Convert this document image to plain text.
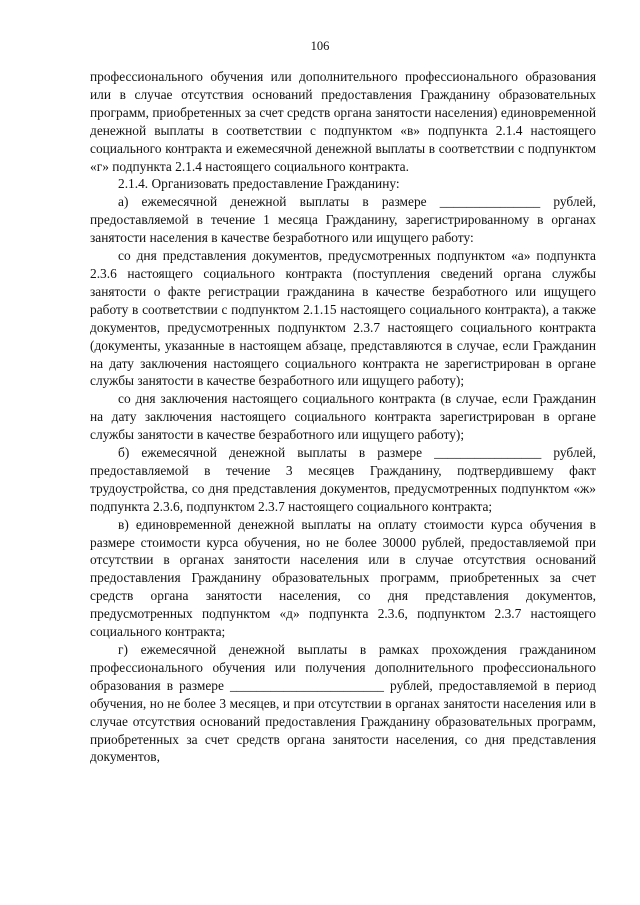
106

профессионального обучения или дополнительного профессионального образования или в случае отсутствия оснований предоставления Гражданину образовательных программ, приобретенных за счет средств органа занятости населения) единовременной денежной выплаты в соответствии с подпунктом «в» подпункта 2.1.4 настоящего социального контракта и ежемесячной денежной выплаты в соответствии с подпунктом «г» подпункта 2.1.4 настоящего социального контракта.

2.1.4. Организовать предоставление Гражданину:

а) ежемесячной денежной выплаты в размере _______________ рублей, предоставляемой в течение 1 месяца Гражданину, зарегистрированному в органах занятости населения в качестве безработного или ищущего работу:

со дня представления документов, предусмотренных подпунктом «а» подпункта 2.3.6 настоящего социального контракта (поступления сведений органа службы занятости о факте регистрации гражданина в качестве безработного или ищущего работу в соответствии с подпунктом 2.1.15 настоящего социального контракта), а также документов, предусмотренных подпунктом 2.3.7 настоящего социального контракта (документы, указанные в настоящем абзаце, представляются в случае, если Гражданин на дату заключения настоящего социального контракта не зарегистрирован в органе службы занятости в качестве безработного или ищущего работу);

со дня заключения настоящего социального контракта (в случае, если Гражданин на дату заключения настоящего социального контракта зарегистрирован в органе службы занятости в качестве безработного или ищущего работу);

б) ежемесячной денежной выплаты в размере ________________ рублей, предоставляемой в течение 3 месяцев Гражданину, подтвердившему факт трудоустройства, со дня представления документов, предусмотренных подпунктом «ж» подпункта 2.3.6, подпунктом 2.3.7 настоящего социального контракта;

в) единовременной денежной выплаты на оплату стоимости курса обучения в размере стоимости курса обучения, но не более 30000 рублей, предоставляемой при отсутствии в органах занятости населения или в случае отсутствия оснований предоставления Гражданину образовательных программ, приобретенных за счет средств органа занятости населения, со дня представления документов, предусмотренных подпунктом «д» подпункта 2.3.6, подпунктом 2.3.7 настоящего социального контракта;

г) ежемесячной денежной выплаты в рамках прохождения гражданином профессионального обучения или получения дополнительного профессионального образования в размере _______________________ рублей, предоставляемой в период обучения, но не более 3 месяцев, и при отсутствии в органах занятости населения или в случае отсутствия оснований предоставления Гражданину образовательных программ, приобретенных за счет средств органа занятости населения, со дня представления документов,
